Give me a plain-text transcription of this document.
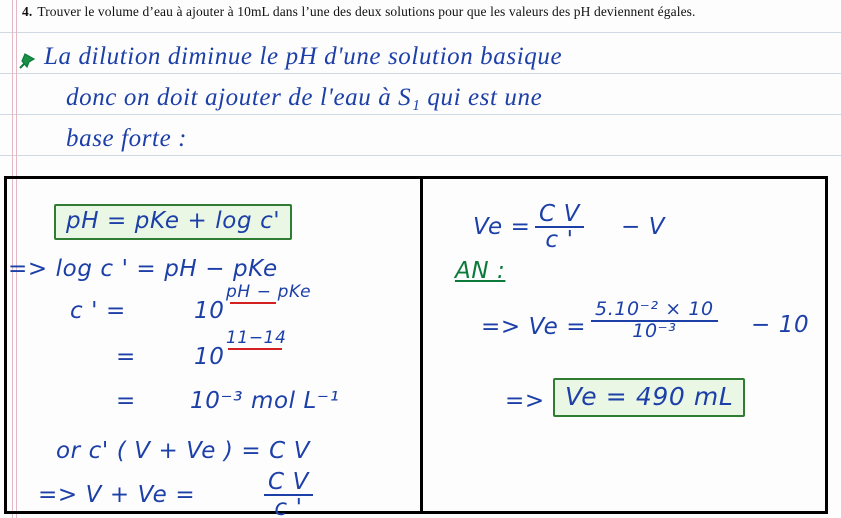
4. Trouver le volume d’eau à ajouter à 10mL dans l’une des deux solutions pour que les valeurs des pH deviennent égales.
La dilution diminue le pH d'une solution basique
donc on doit ajouter de l'eau à S₁ qui est une
base forte :
pH = pKe + log c'
=> log c ' = pH − pKe
c ' =	10
pH − pKe
=	10
11−14
= 10⁻³ mol L⁻¹
or c' ( V + Ve ) = C V
=> V + Ve =	$\frac{\text{C V}}{c '}$
$Ve = \frac{\text{C V}}{c '} - V$
AN :
=> $Ve = \frac{\text{5.10⁻² × 10}}{\text{10⁻³}} - 10$
=> Ve = 490 mL
